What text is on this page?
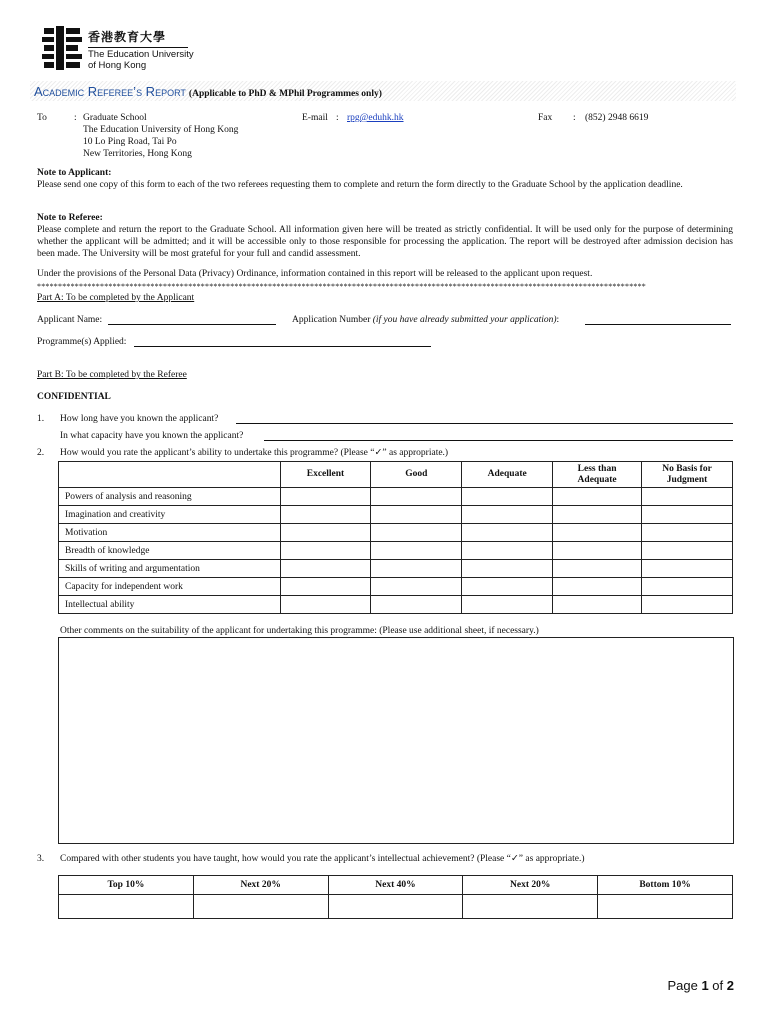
香港教育大學
The Education University
of Hong Kong
Academic Referee’s Report (Applicable to PhD & MPhil Programmes only)
To	: Graduate School
The Education University of Hong Kong
10 Lo Ping Road, Tai Po
New Territories, Hong Kong
E-mail : rpg@eduhk.hk	Fax : (852) 2948 6619
Note to Applicant:
Please send one copy of this form to each of the two referees requesting them to complete and return the form directly to the Graduate School by the application deadline.
Note to Referee:
Please complete and return the report to the Graduate School. All information given here will be treated as strictly confidential. It will be used only for the purpose of determining whether the applicant will be admitted; and it will be accessible only to those responsible for processing the application. The report will be destroyed after admission decision has been made. The University will be most grateful for your full and candid assessment.
Under the provisions of the Personal Data (Privacy) Ordinance, information contained in this report will be released to the applicant upon request.
*************************************************************************************************************************************************
Part A: To be completed by the Applicant
Applicant Name:	Application Number (if you have already submitted your application):
Programme(s) Applied:
Part B: To be completed by the Referee
CONFIDENTIAL
1. How long have you known the applicant?
In what capacity have you known the applicant?
2. How would you rate the applicant’s ability to undertake this programme? (Please “✓” as appropriate.)
	Excellent	Good	Adequate	Less than Adequate	No Basis for Judgment
Powers of analysis and reasoning					
Imagination and creativity					
Motivation					
Breadth of knowledge					
Skills of writing and argumentation					
Capacity for independent work					
Intellectual ability					
Other comments on the suitability of the applicant for undertaking this programme: (Please use additional sheet, if necessary.)
3. Compared with other students you have taught, how would you rate the applicant’s intellectual achievement? (Please “✓” as appropriate.)
Top 10%	Next 20%	Next 40%	Next 20%	Bottom 10%

Page 1 of 2
